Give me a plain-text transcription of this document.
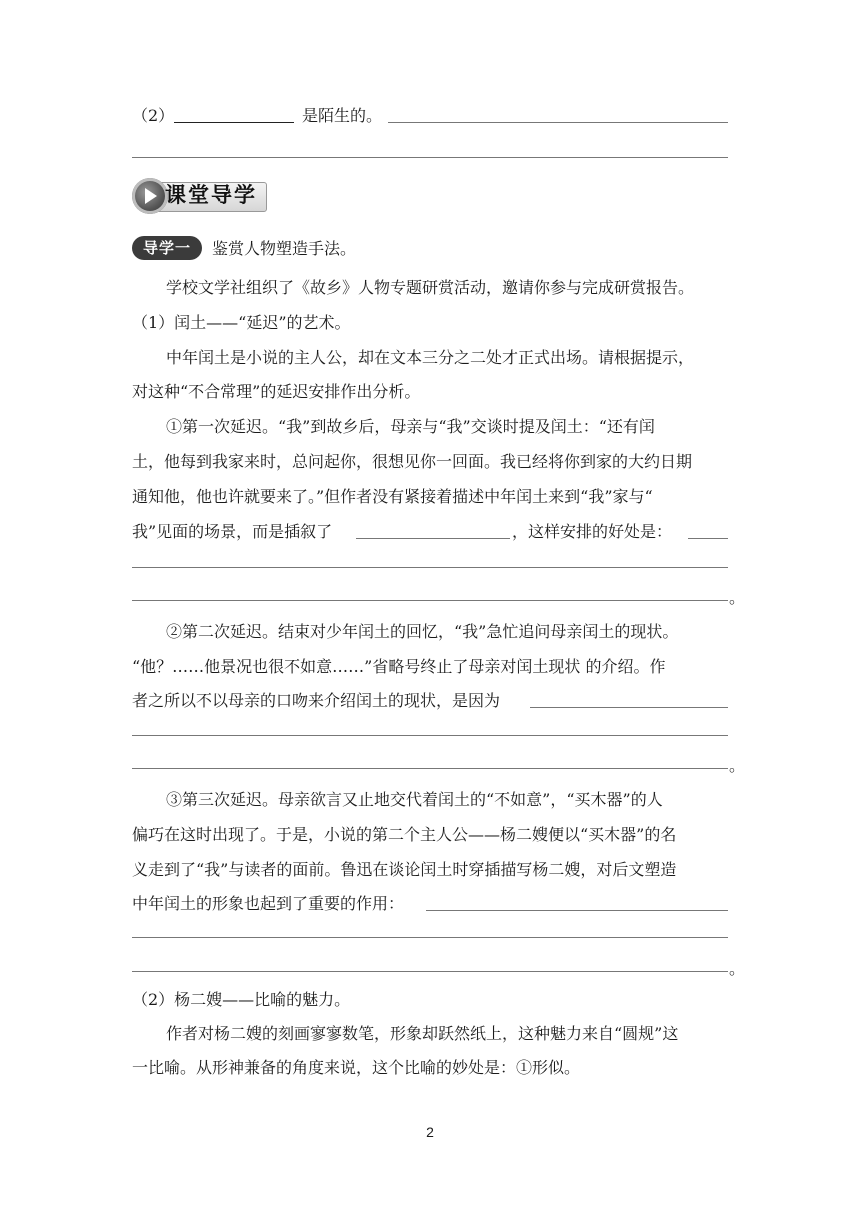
（2）	是陌生的。
课堂导学
导学一	鉴赏人物塑造手法。
学校文学社组织了《故乡》人物专题研赏活动，邀请你参与完成研赏报告。
（1）闰土——“延迟”的艺术。
中年闰土是小说的主人公，却在文本三分之二处才正式出场。请根据提示，
对这种“不合常理”的延迟安排作出分析。
①第一次延迟。“我”到故乡后，母亲与“我”交谈时提及闰土：“还有闰
土，他每到我家来时，总问起你，很想见你一回面。我已经将你到家的大约日期
通知他，他也许就要来了。”但作者没有紧接着描述中年闰土来到“我”家与“
我”见面的场景，而是插叙了	，这样安排的好处是：
。
②第二次延迟。结束对少年闰土的回忆，“我”急忙追问母亲闰土的现状。
“他？……他景况也很不如意……”省略号终止了母亲对闰土现状 的介绍。作
者之所以不以母亲的口吻来介绍闰土的现状，是因为
。
③第三次延迟。母亲欲言又止地交代着闰土的“不如意”，“买木器”的人
偏巧在这时出现了。于是，小说的第二个主人公——杨二嫂便以“买木器”的名
义走到了“我”与读者的面前。鲁迅在谈论闰土时穿插描写杨二嫂，对后文塑造
中年闰土的形象也起到了重要的作用：
。
（2）杨二嫂——比喻的魅力。
作者对杨二嫂的刻画寥寥数笔，形象却跃然纸上，这种魅力来自“圆规”这
一比喻。从形神兼备的角度来说，这个比喻的妙处是：①形似。
2
